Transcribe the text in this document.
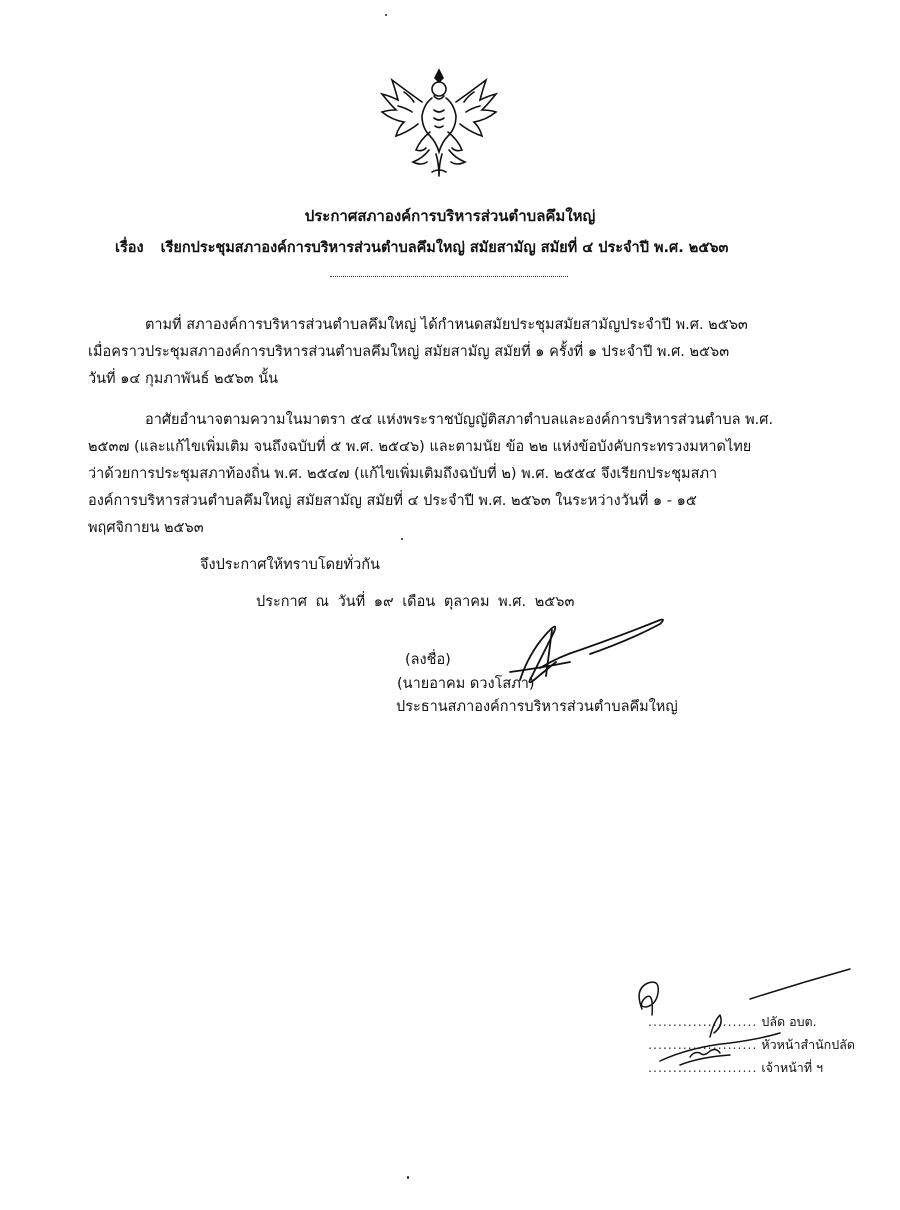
ประกาศสภาองค์การบริหารส่วนตำบลคึมใหญ่
เรื่อง เรียกประชุมสภาองค์การบริหารส่วนตำบลคึมใหญ่ สมัยสามัญ สมัยที่ ๔ ประจำปี พ.ศ. ๒๕๖๓
ตามที่ สภาองค์การบริหารส่วนตำบลคึมใหญ่ ได้กำหนดสมัยประชุมสมัยสามัญประจำปี พ.ศ. ๒๕๖๓
เมื่อคราวประชุมสภาองค์การบริหารส่วนตำบลคึมใหญ่ สมัยสามัญ สมัยที่ ๑ ครั้งที่ ๑ ประจำปี พ.ศ. ๒๕๖๓
วันที่ ๑๔ กุมภาพันธ์ ๒๕๖๓ นั้น
อาศัยอำนาจตามความในมาตรา ๕๔ แห่งพระราชบัญญัติสภาตำบลและองค์การบริหารส่วนตำบล พ.ศ.
๒๕๓๗ (และแก้ไขเพิ่มเติม จนถึงฉบับที่ ๕ พ.ศ. ๒๕๔๖) และตามนัย ข้อ ๒๒ แห่งข้อบังคับกระทรวงมหาดไทย
ว่าด้วยการประชุมสภาท้องถิ่น พ.ศ. ๒๕๔๗ (แก้ไขเพิ่มเติมถึงฉบับที่ ๒) พ.ศ. ๒๕๕๔ จึงเรียกประชุมสภา
องค์การบริหารส่วนตำบลคึมใหญ่ สมัยสามัญ สมัยที่ ๔ ประจำปี พ.ศ. ๒๕๖๓ ในระหว่างวันที่ ๑ - ๑๕
พฤศจิกายน ๒๕๖๓
จึงประกาศให้ทราบโดยทั่วกัน
ประกาศ ณ วันที่ ๑๙ เดือน ตุลาคม พ.ศ. ๒๕๖๓
(ลงชื่อ)
(นายอาคม ดวงโสภา)
ประธานสภาองค์การบริหารส่วนตำบลคึมใหญ่
...................... ปลัด อบต.
...................... หัวหน้าสำนักปลัด
...................... เจ้าหน้าที่ ฯ
